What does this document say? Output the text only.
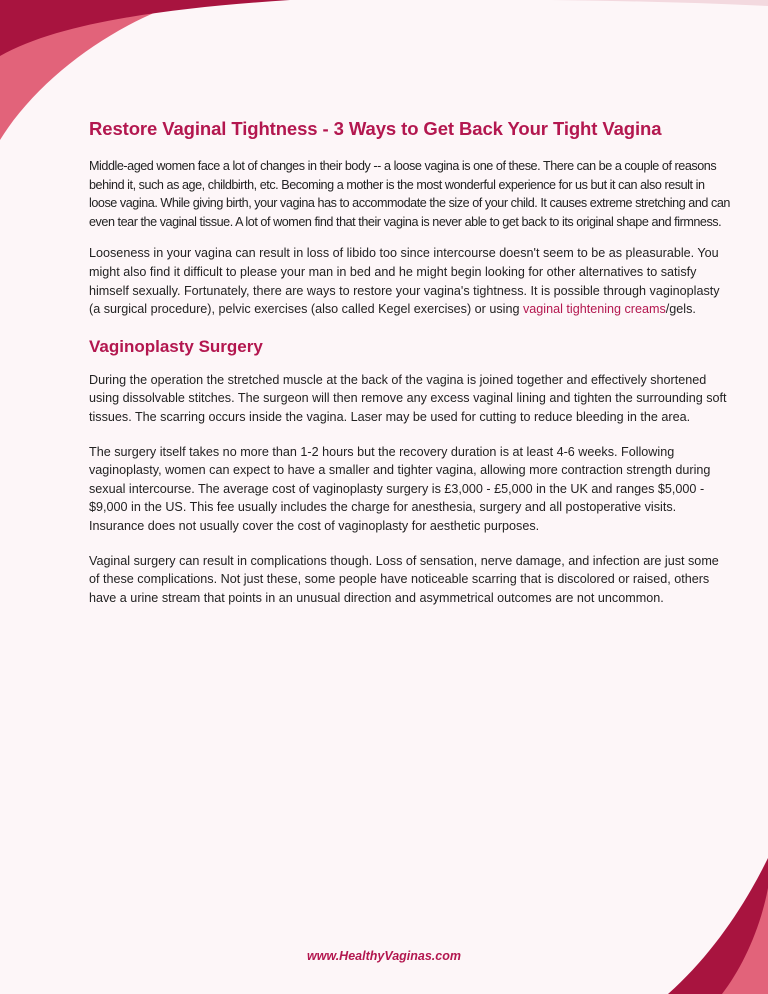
Restore Vaginal Tightness - 3 Ways to Get Back Your Tight Vagina

Middle-aged women face a lot of changes in their body -- a loose vagina is one of these. There can be a couple of reasons behind it, such as age, childbirth, etc. Becoming a mother is the most wonderful experience for us but it can also result in loose vagina. While giving birth, your vagina has to accommodate the size of your child. It causes extreme stretching and can even tear the vaginal tissue. A lot of women find that their vagina is never able to get back to its original shape and firmness.

Looseness in your vagina can result in loss of libido too since intercourse doesn't seem to be as pleasurable. You might also find it difficult to please your man in bed and he might begin looking for other alternatives to satisfy himself sexually. Fortunately, there are ways to restore your vagina's tightness. It is possible through vaginoplasty (a surgical procedure), pelvic exercises (also called Kegel exercises) or using vaginal tightening creams/gels.

Vaginoplasty Surgery

During the operation the stretched muscle at the back of the vagina is joined together and effectively shortened using dissolvable stitches. The surgeon will then remove any excess vaginal lining and tighten the surrounding soft tissues. The scarring occurs inside the vagina. Laser may be used for cutting to reduce bleeding in the area.

The surgery itself takes no more than 1-2 hours but the recovery duration is at least 4-6 weeks. Following vaginoplasty, women can expect to have a smaller and tighter vagina, allowing more contraction strength during sexual intercourse. The average cost of vaginoplasty surgery is £3,000 - £5,000 in the UK and ranges $5,000 - $9,000 in the US. This fee usually includes the charge for anesthesia, surgery and all postoperative visits. Insurance does not usually cover the cost of vaginoplasty for aesthetic purposes.

Vaginal surgery can result in complications though. Loss of sensation, nerve damage, and infection are just some of these complications. Not just these, some people have noticeable scarring that is discolored or raised, others have a urine stream that points in an unusual direction and asymmetrical outcomes are not uncommon.

www.HealthyVaginas.com
